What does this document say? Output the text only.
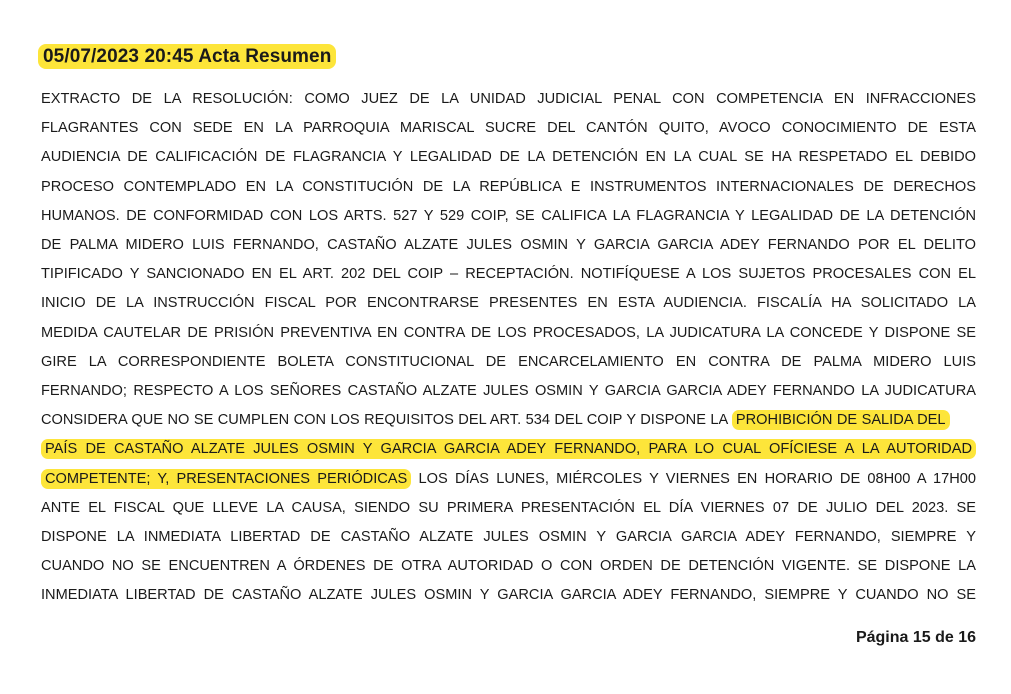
05/07/2023 20:45 Acta Resumen
EXTRACTO DE LA RESOLUCIÓN: COMO JUEZ DE LA UNIDAD JUDICIAL PENAL CON COMPETENCIA EN INFRACCIONES
FLAGRANTES CON SEDE EN LA PARROQUIA MARISCAL SUCRE DEL CANTÓN QUITO, AVOCO CONOCIMIENTO DE ESTA
AUDIENCIA DE CALIFICACIÓN DE FLAGRANCIA Y LEGALIDAD DE LA DETENCIÓN EN LA CUAL SE HA RESPETADO EL DEBIDO
PROCESO CONTEMPLADO EN LA CONSTITUCIÓN DE LA REPÚBLICA E INSTRUMENTOS INTERNACIONALES DE DERECHOS
HUMANOS. DE CONFORMIDAD CON LOS ARTS. 527 Y 529 COIP, SE CALIFICA LA FLAGRANCIA Y LEGALIDAD DE LA DETENCIÓN
DE PALMA MIDERO LUIS FERNANDO, CASTAÑO ALZATE JULES OSMIN Y GARCIA GARCIA ADEY FERNANDO POR EL DELITO
TIPIFICADO Y SANCIONADO EN EL ART. 202 DEL COIP – RECEPTACIÓN. NOTIFÍQUESE A LOS SUJETOS PROCESALES CON EL
INICIO DE LA INSTRUCCIÓN FISCAL POR ENCONTRARSE PRESENTES EN ESTA AUDIENCIA. FISCALÍA HA SOLICITADO LA
MEDIDA CAUTELAR DE PRISIÓN PREVENTIVA EN CONTRA DE LOS PROCESADOS, LA JUDICATURA LA CONCEDE Y DISPONE SE
GIRE LA CORRESPONDIENTE BOLETA CONSTITUCIONAL DE ENCARCELAMIENTO EN CONTRA DE PALMA MIDERO LUIS
FERNANDO; RESPECTO A LOS SEÑORES CASTAÑO ALZATE JULES OSMIN Y GARCIA GARCIA ADEY FERNANDO LA JUDICATURA
CONSIDERA QUE NO SE CUMPLEN CON LOS REQUISITOS DEL ART. 534 DEL COIP Y DISPONE LA PROHIBICIÓN DE SALIDA DEL
PAÍS DE CASTAÑO ALZATE JULES OSMIN Y GARCIA GARCIA ADEY FERNANDO, PARA LO CUAL OFÍCIESE A LA AUTORIDAD
COMPETENTE; Y, PRESENTACIONES PERIÓDICAS LOS DÍAS LUNES, MIÉRCOLES Y VIERNES EN HORARIO DE 08H00 A 17H00
ANTE EL FISCAL QUE LLEVE LA CAUSA, SIENDO SU PRIMERA PRESENTACIÓN EL DÍA VIERNES 07 DE JULIO DEL 2023. SE
DISPONE LA INMEDIATA LIBERTAD DE CASTAÑO ALZATE JULES OSMIN Y GARCIA GARCIA ADEY FERNANDO, SIEMPRE Y
CUANDO NO SE ENCUENTREN A ÓRDENES DE OTRA AUTORIDAD O CON ORDEN DE DETENCIÓN VIGENTE. SE DISPONE LA
INMEDIATA LIBERTAD DE CASTAÑO ALZATE JULES OSMIN Y GARCIA GARCIA ADEY FERNANDO, SIEMPRE Y CUANDO NO SE
Página 15 de 16
